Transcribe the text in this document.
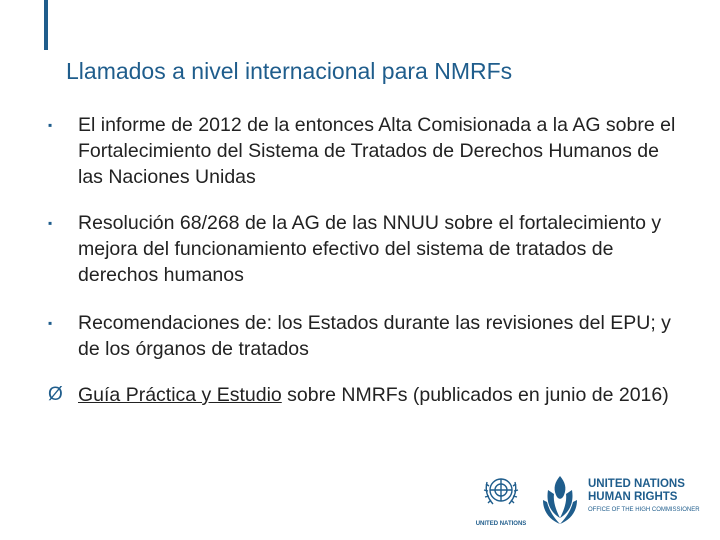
Llamados a nivel internacional para NMRFs
▪	El informe de 2012 de la entonces Alta Comisionada a la AG sobre el Fortalecimiento del Sistema de Tratados de Derechos Humanos de las Naciones Unidas
▪	Resolución 68/268 de la AG de las NNUU sobre el fortalecimiento y mejora del funcionamiento efectivo del sistema de tratados de derechos humanos
▪	Recomendaciones de: los Estados durante las revisiones del EPU; y de los órganos de tratados
Ø Guía Práctica y Estudio sobre NMRFs (publicados en junio de 2016)
UNITED NATIONS
UNITED NATIONS
HUMAN RIGHTS
OFFICE OF THE HIGH COMMISSIONER
